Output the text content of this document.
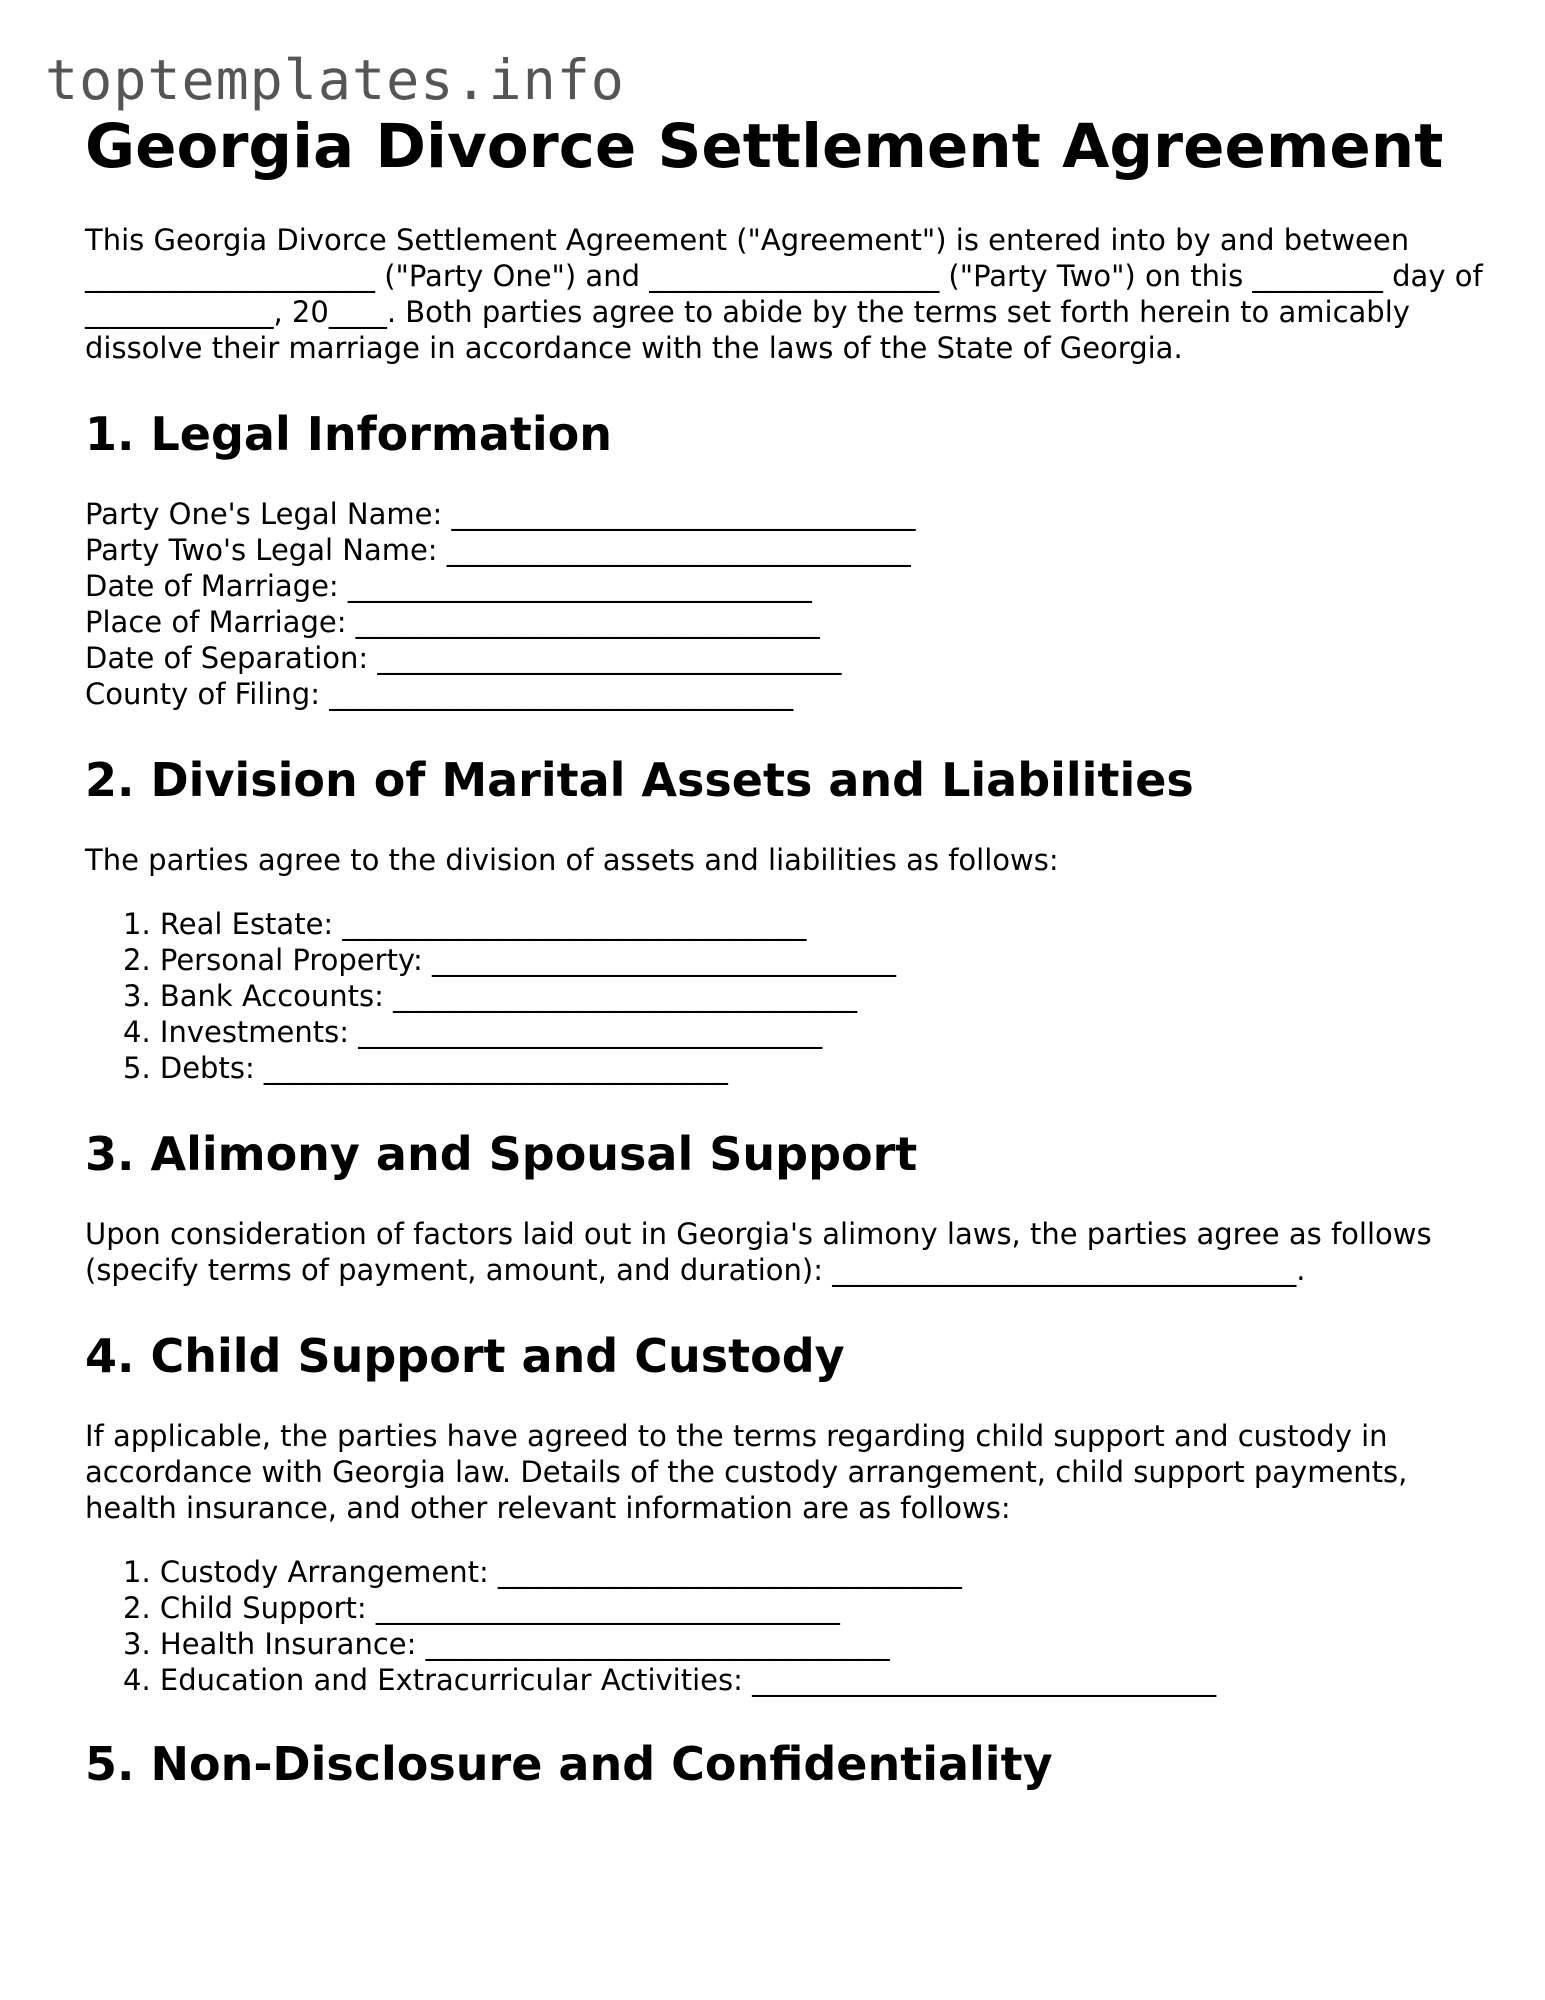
toptemplates.info
Georgia Divorce Settlement Agreement

This Georgia Divorce Settlement Agreement ("Agreement") is entered into by and between ____________________ ("Party One") and ____________________ ("Party Two") on this _________ day of _____________, 20____. Both parties agree to abide by the terms set forth herein to amicably dissolve their marriage in accordance with the laws of the State of Georgia.

1. Legal Information
Party One's Legal Name: ________________________________
Party Two's Legal Name: ________________________________
Date of Marriage: ________________________________
Place of Marriage: ________________________________
Date of Separation: ________________________________
County of Filing: ________________________________
2. Division of Marital Assets and Liabilities

The parties agree to the division of assets and liabilities as follows:

1. Real Estate: ________________________________
2. Personal Property: ________________________________
3. Bank Accounts: ________________________________
4. Investments: ________________________________
5. Debts: ________________________________
3. Alimony and Spousal Support

Upon consideration of factors laid out in Georgia's alimony laws, the parties agree as follows (specify terms of payment, amount, and duration): ________________________________.

4. Child Support and Custody

If applicable, the parties have agreed to the terms regarding child support and custody in accordance with Georgia law. Details of the custody arrangement, child support payments, health insurance, and other relevant information are as follows:

1. Custody Arrangement: ________________________________
2. Child Support: ________________________________
3. Health Insurance: ________________________________
4. Education and Extracurricular Activities: ________________________________
5. Non-Disclosure and Confidentiality
